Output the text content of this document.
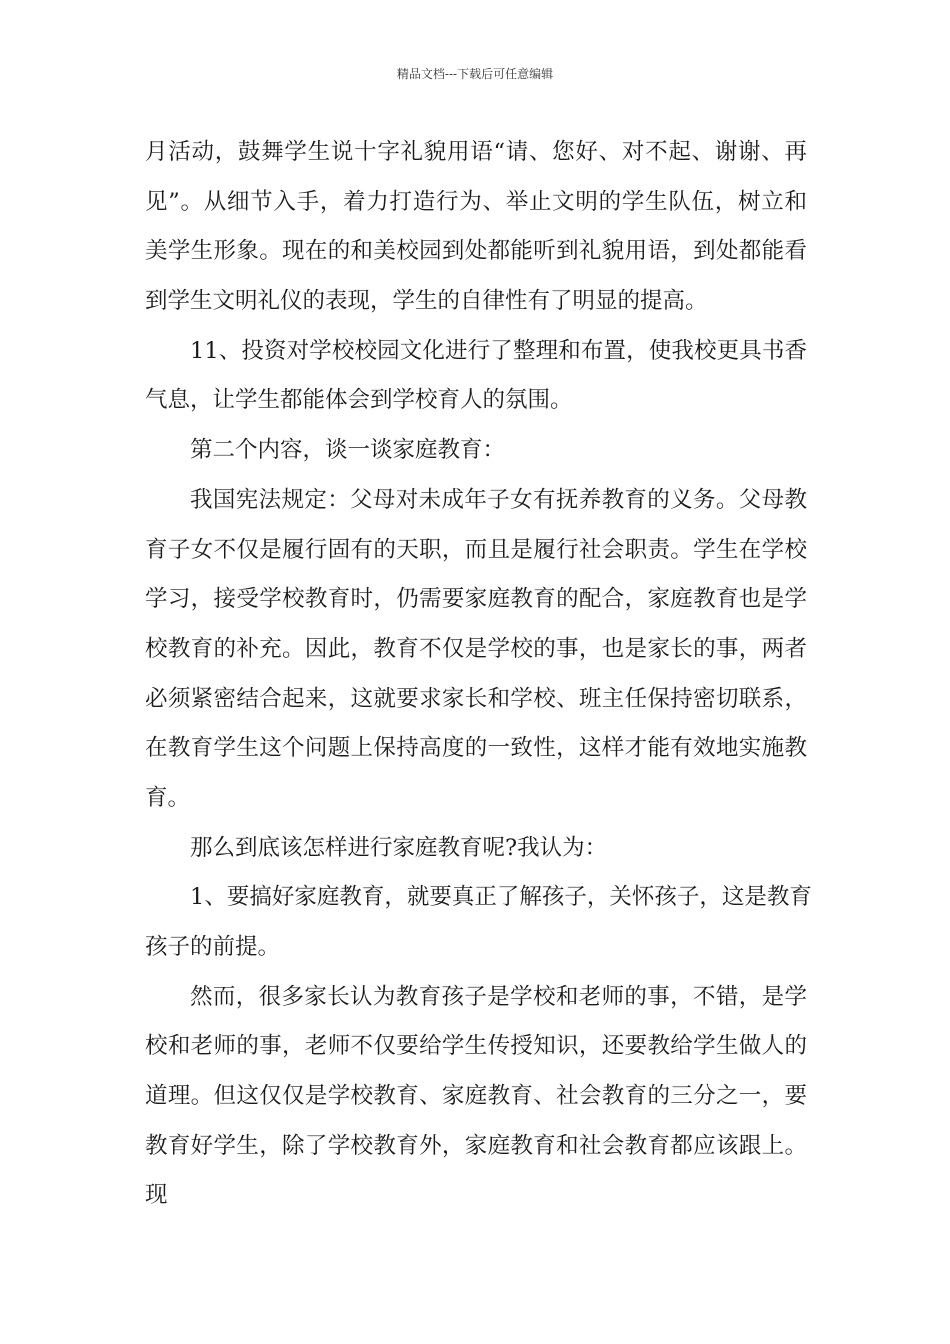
精品文档---下载后可任意编辑
月活动，鼓舞学生说十字礼貌用语“请、您好、对不起、谢谢、再
见”。从细节入手，着力打造行为、举止文明的学生队伍，树立和
美学生形象。现在的和美校园到处都能听到礼貌用语，到处都能看
到学生文明礼仪的表现，学生的自律性有了明显的提高。
11、投资对学校校园文化进行了整理和布置，使我校更具书香
气息，让学生都能体会到学校育人的氛围。
第二个内容，谈一谈家庭教育：
我国宪法规定：父母对未成年子女有抚养教育的义务。父母教
育子女不仅是履行固有的天职，而且是履行社会职责。学生在学校
学习，接受学校教育时，仍需要家庭教育的配合，家庭教育也是学
校教育的补充。因此，教育不仅是学校的事，也是家长的事，两者
必须紧密结合起来，这就要求家长和学校、班主任保持密切联系，
在教育学生这个问题上保持高度的一致性，这样才能有效地实施教
育。
那么到底该怎样进行家庭教育呢?我认为：
1、要搞好家庭教育，就要真正了解孩子，关怀孩子，这是教育
孩子的前提。
然而，很多家长认为教育孩子是学校和老师的事，不错，是学
校和老师的事，老师不仅要给学生传授知识，还要教给学生做人的
道理。但这仅仅是学校教育、家庭教育、社会教育的三分之一，要
教育好学生，除了学校教育外，家庭教育和社会教育都应该跟上。
现
